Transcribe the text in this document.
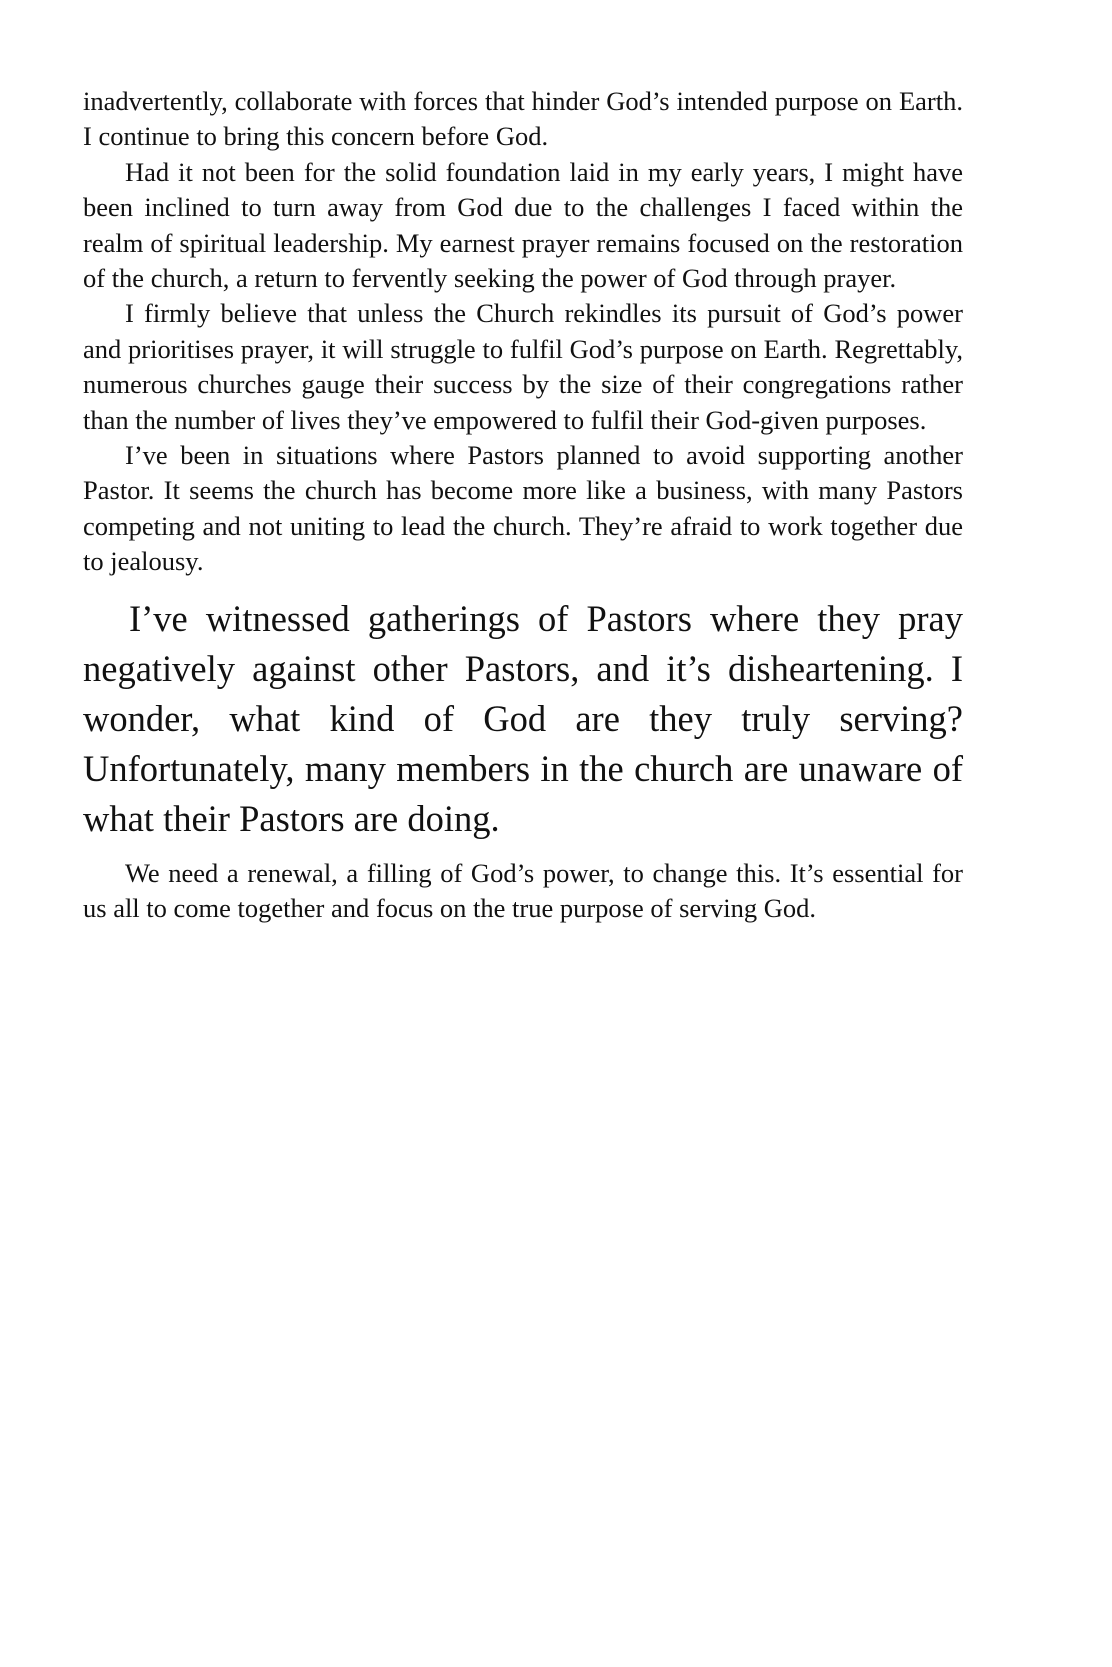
inadvertently, collaborate with forces that hinder God’s intended purpose on Earth. I continue to bring this concern before God.

Had it not been for the solid foundation laid in my early years, I might have been inclined to turn away from God due to the challenges I faced within the realm of spiritual leadership. My earnest prayer remains focused on the restoration of the church, a return to fervently seeking the power of God through prayer.

I firmly believe that unless the Church rekindles its pursuit of God’s power and prioritises prayer, it will struggle to fulfil God’s purpose on Earth. Regrettably, numerous churches gauge their success by the size of their congregations rather than the number of lives they’ve empowered to fulfil their God-given purposes.

I’ve been in situations where Pastors planned to avoid supporting another Pastor. It seems the church has become more like a business, with many Pastors competing and not uniting to lead the church. They’re afraid to work together due to jealousy.

I’ve witnessed gatherings of Pastors where they pray negatively against other Pastors, and it’s disheartening. I wonder, what kind of God are they truly serving? Unfortunately, many members in the church are unaware of what their Pastors are doing.

We need a renewal, a filling of God’s power, to change this. It’s essential for us all to come together and focus on the true purpose of serving God.
